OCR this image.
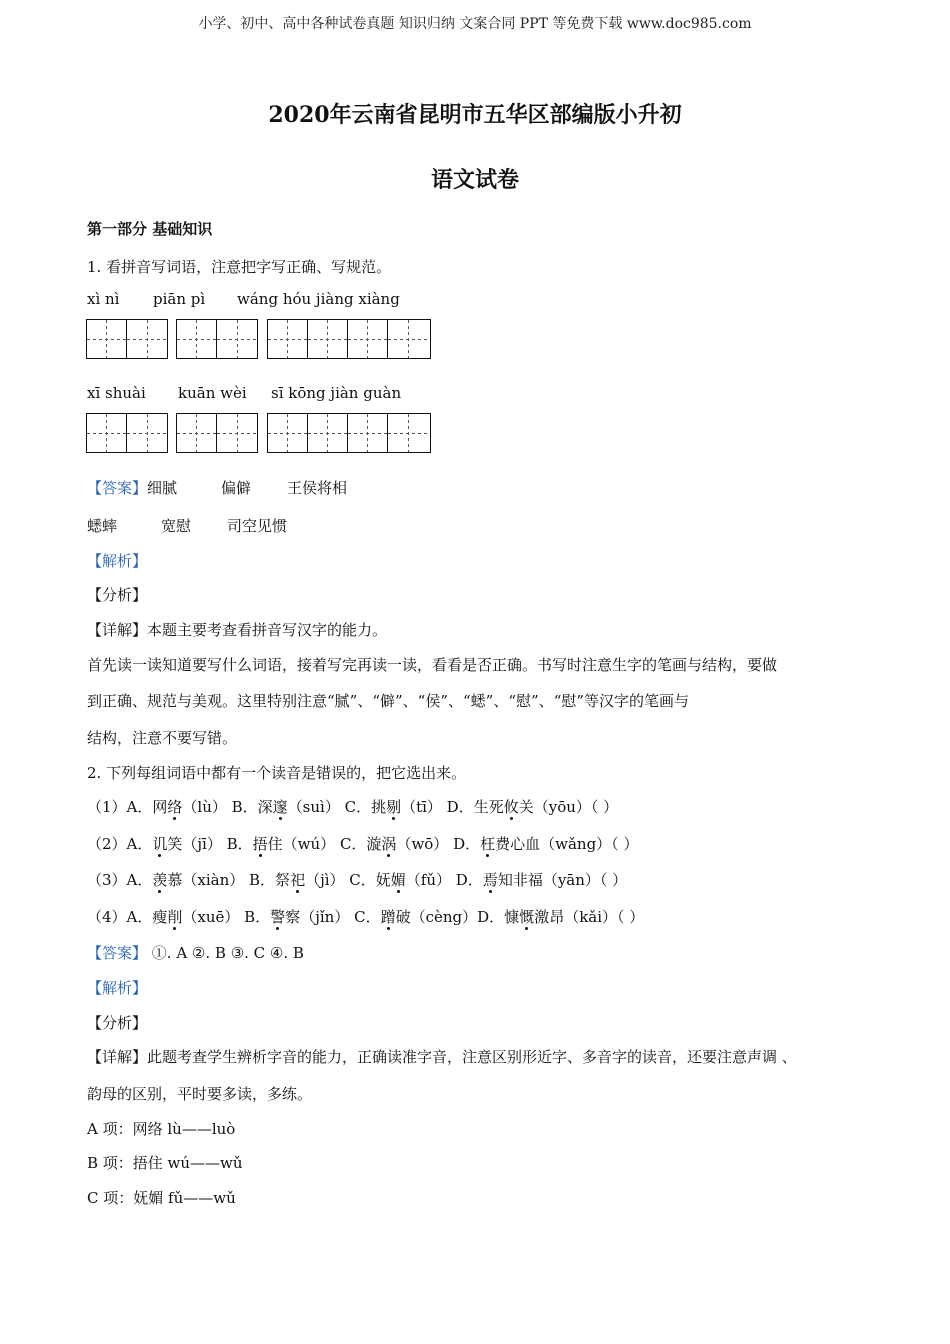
小学、初中、高中各种试卷真题 知识归纳 文案合同 PPT 等免费下载 www.doc985.com
2020年云南省昆明市五华区部编版小升初
语文试卷
第一部分 基础知识
1. 看拼音写词语，注意把字写正确、写规范。
xì nì piān pì wáng hóu jiàng xiàng
xī shuài kuān wèi sī kōng jiàn guàn
【答案】细腻	偏僻 王侯将相
蟋蟀	宽慰 司空见惯
【解析】
【分析】
【详解】本题主要考查看拼音写汉字的能力。
首先读一读知道要写什么词语，接着写完再读一读，看看是否正确。书写时注意生字的笔画与结构，要做
到正确、规范与美观。这里特别注意“腻”、“僻”、“侯”、“蟋”、“慰”、“慰”等汉字的笔画与
结构，注意不要写错。
2. 下列每组词语中都有一个读音是错误的，把它选出来。
（1）A．网络（lù） B．深邃（suì） C．挑剔（tī） D．生死攸关（yōu）（ ）
（2）A．讥笑（jī） B．捂住（wú） C．漩涡（wō） D．枉费心血（wǎng）（ ）
（3）A．羡慕（xiàn） B．祭祀（jì） C．妩媚（fǔ） D．焉知非福（yān）（ ）
（4）A．瘦削（xuē） B．警察（jǐn） C．蹭破（cèng）D．慷慨激昂（kǎi）（ ）
【答案】 ①. A ②. B ③. C ④. B
【解析】
【分析】
【详解】此题考查学生辨析字音的能力，正确读准字音，注意区别形近字、多音字的读音，还要注意声调 、
韵母的区别，平时要多读，多练。
A 项：网络 lù——luò
B 项：捂住 wú——wǔ
C 项：妩媚 fǔ——wǔ
